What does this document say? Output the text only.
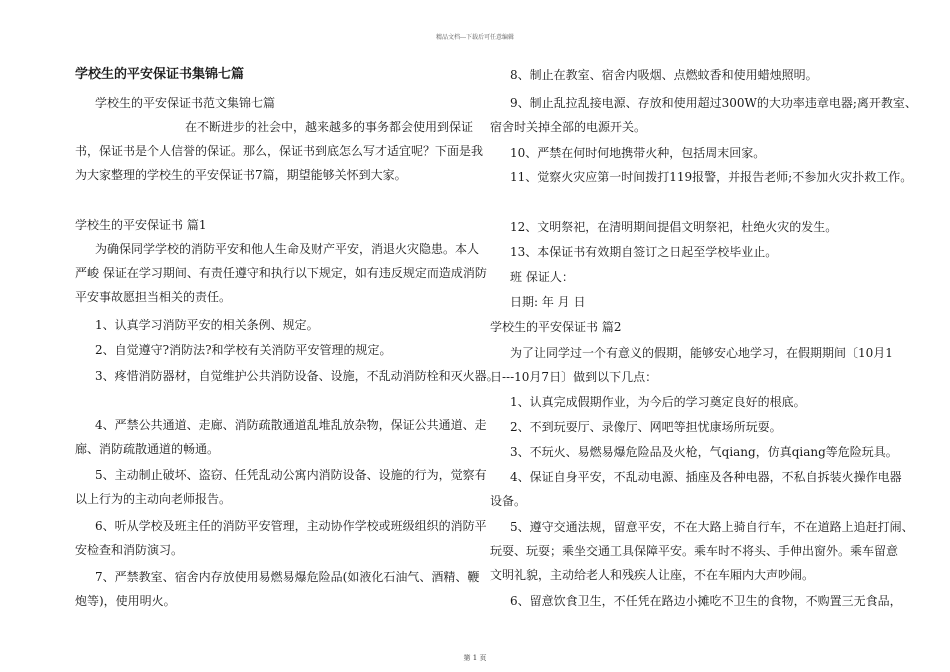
精品文档---下载后可任意编辑
学校生的平安保证书集锦七篇
学校生的平安保证书范文集锦七篇
在不断进步的社会中，越来越多的事务都会使用到保证
书，保证书是个人信誉的保证。那么，保证书到底怎么写才适宜呢？下面是我
为大家整理的学校生的平安保证书7篇，期望能够关怀到大家。
学校生的平安保证书 篇1
为确保同学学校的消防平安和他人生命及财产平安，消退火灾隐患。本人
严峻 保证在学习期间、有责任遵守和执行以下规定，如有违反规定而造成消防
平安事故愿担当相关的责任。
1、认真学习消防平安的相关条例、规定。
2、自觉遵守?消防法?和学校有关消防平安管理的规定。
3、疼惜消防器材，自觉维护公共消防设备、设施，不乱动消防栓和灭火器。
4、严禁公共通道、走廊、消防疏散通道乱堆乱放杂物，保证公共通道、走
廊、消防疏散通道的畅通。
5、主动制止破坏、盗窃、任凭乱动公寓内消防设备、设施的行为，觉察有
以上行为的主动向老师报告。
6、听从学校及班主任的消防平安管理，主动协作学校或班级组织的消防平
安检查和消防演习。
7、严禁教室、宿舍内存放使用易燃易爆危险品(如液化石油气、酒精、鞭
炮等)，使用明火。
8、制止在教室、宿舍内吸烟、点燃蚊香和使用蜡烛照明。
9、制止乱拉乱接电源、存放和使用超过300W的大功率违章电器;离开教室、
宿舍时关掉全部的电源开关。
10、严禁在何时何地携带火种，包括周末回家。
11、觉察火灾应第一时间拨打119报警，并报告老师;不参加火灾扑救工作。
12、文明祭祀，在清明期间提倡文明祭祀，杜绝火灾的发生。
13、本保证书有效期自签订之日起至学校毕业止。
班 保证人：
日期: 年 月 日
学校生的平安保证书 篇2
为了让同学过一个有意义的假期，能够安心地学习，在假期期间〔10月1
日---10月7日〕做到以下几点：
1、认真完成假期作业，为今后的学习奠定良好的根底。
2、不到玩耍厅、录像厅、网吧等担忧康场所玩耍。
3、不玩火、易燃易爆危险品及火枪，气qiang，仿真qiang等危险玩具。
4、保证自身平安，不乱动电源、插座及各种电器，不私自拆装火操作电器
设备。
5、遵守交通法规，留意平安，不在大路上骑自行车，不在道路上追赶打闹、
玩耍、玩耍；乘坐交通工具保障平安。乘车时不将头、手伸出窗外。乘车留意
文明礼貌，主动给老人和残疾人让座，不在车厢内大声吵闹。
6、留意饮食卫生，不任凭在路边小摊吃不卫生的食物，不购置三无食品，
第 1 页
